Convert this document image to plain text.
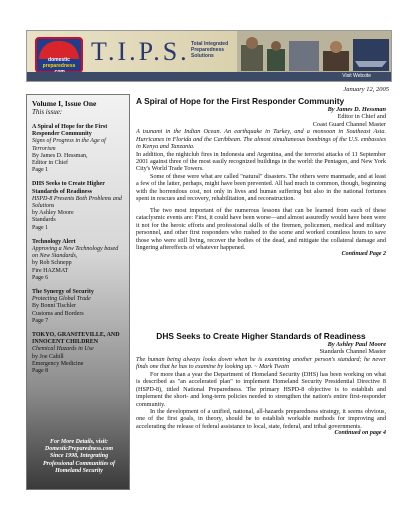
domestic
preparedness T.I.P.S. Total Integrated Preparedness Solutions
Visit Website
January 12, 2005
Volume I, Issue One
This issue:
A Spiral of Hope for the First Responder Community
Signs of Progress in the Age of Terrorism
By James D. Hessman,
Editor in Chief
Page 1
DHS Seeks to Create Higher Standards of Readiness
HSPD-8 Presents Both Problems and Solutions
by Ashley Moore
Standards
Page 1
Technology Alert
Approving a New Technology based on New Standards,
by Rob Schnepp
Fire HAZMAT
Page 6
The Synergy of Security
Protecting Global Trade
By Bonni Tischler
Customs and Borders
Page 7
TOKYO, GRANITEVILLE, AND INNOCENT CHILDREN
Chemical Hazards in Use
by Joe Cahill
Emergency Medicine
Page 8
For More Details, visit:
DomesticPreparedness.com
Since 1998, Integrating
Professional Communities of
Homeland Security
A Spiral of Hope for the First Responder Community
By James D. Hessman
Editor in Chief and
Coast Guard Channel Master
A tsunami in the Indian Ocean. An earthquake in Turkey, and a monsoon in Southeast Asia. Hurricanes in Florida and the Caribbean. The almost simultaneous bombings of the U.S. embassies in Kenya and Tanzania.
In addition, the nightclub fires in Indonesia and Argentina, and the terrorist attacks of 11 September 2001 against three of the most easily recognized buildings in the world: the Pentagon, and New York City's World Trade Towers.
Some of these were what are called "natural" disasters. The others were manmade, and at least a few of the latter, perhaps, might have been prevented. All had much in common, though, beginning with the horrendous cost, not only in lives and human suffering but also in the national fortunes spent in rescues and recovery, rehabilitation, and reconstruction.
The two most important of the numerous lessons that can be learned from each of these cataclysmic events are: First, it could have been worse—and almost assuredly would have been were it not for the heroic efforts and professional skills of the firemen, policemen, medical and military personnel, and other first responders who rushed to the scene and worked countless hours to save those who were still living, recover the bodies of the dead, and mitigate the collateral damage and lingering aftereffects of whatever happened.
Continued Page 2
DHS Seeks to Create Higher Standards of Readiness
By Ashley Paul Moore
Standards Channel Master
The human being always looks down when he is examining another person's standard; he never finds one that he has to examine by looking up. ~ Mark Twain
For more than a year the Department of Homeland Security (DHS) has been working on what is described as "an accelerated plan" to implement Homeland Security Presidential Directive 8 (HSPD-8), titled National Preparedness. The primary HSPD-8 objective is to establish and implement the short- and long-term policies needed to strengthen the nation's entire first-responder community.
In the development of a unified, national, all-hazards preparedness strategy, it seems obvious, one of the first goals, in theory, should be to establish workable methods for improving and accelerating the release of federal assistance to local, state, federal, and tribal governments.
Continued on page 4
